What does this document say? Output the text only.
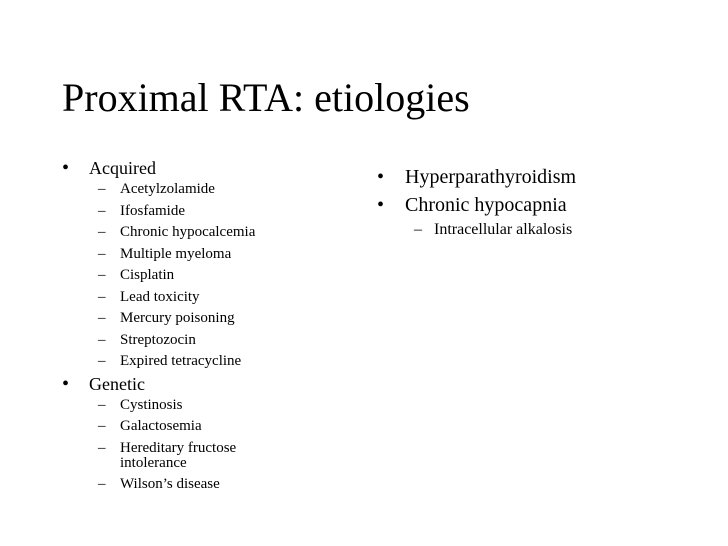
Proximal RTA: etiologies
• Acquired
– Acetylzolamide
– Ifosfamide
– Chronic hypocalcemia
– Multiple myeloma
– Cisplatin
– Lead toxicity
– Mercury poisoning
– Streptozocin
– Expired tetracycline
• Genetic
– Cystinosis
– Galactosemia
– Hereditary fructose intolerance
– Wilson’s disease
• Hyperparathyroidism
• Chronic hypocapnia
– Intracellular alkalosis
